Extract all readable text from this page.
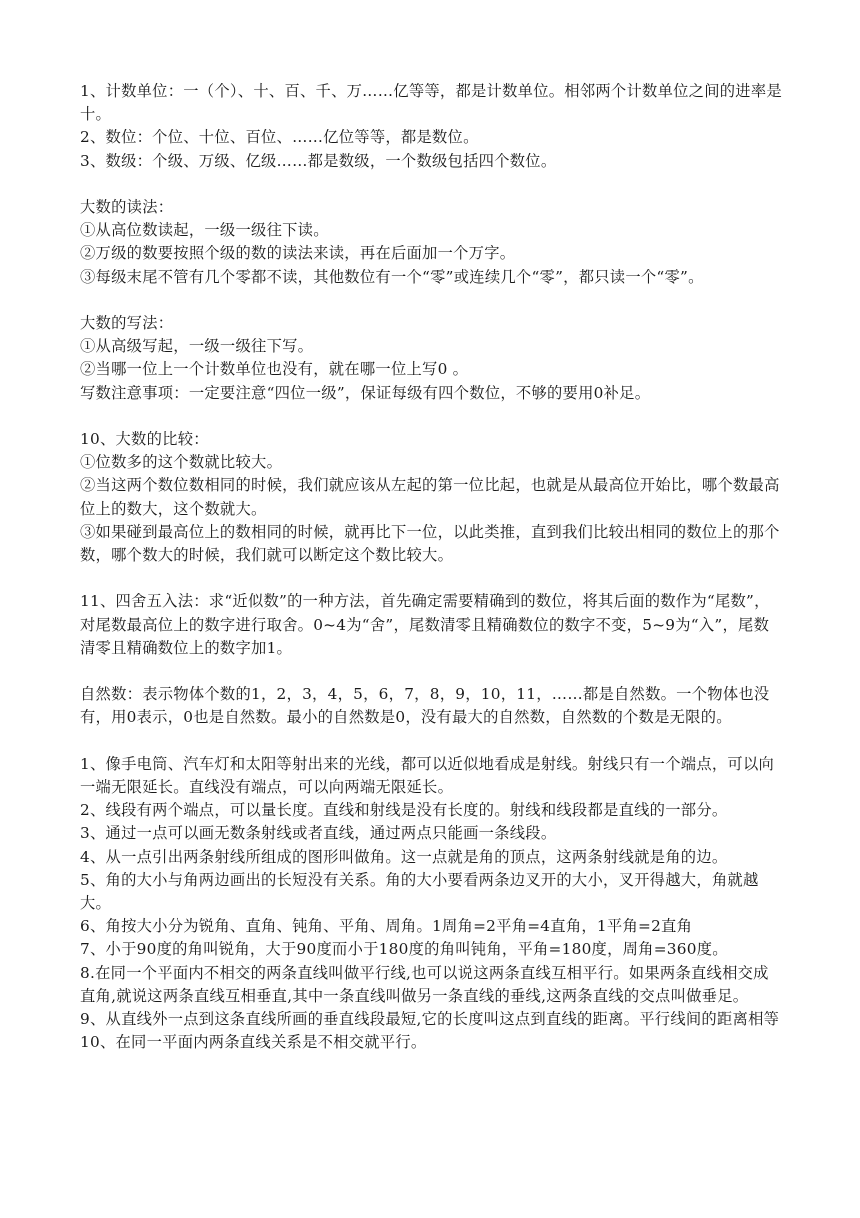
1、计数单位：一（个）、十、百、千、万……亿等等，都是计数单位。相邻两个计数单位之间的进率是十。

2、数位：个位、十位、百位、……亿位等等，都是数位。

3、数级：个级、万级、亿级……都是数级，一个数级包括四个数位。

大数的读法：

①从高位数读起，一级一级往下读。

②万级的数要按照个级的数的读法来读，再在后面加一个万字。

③每级末尾不管有几个零都不读，其他数位有一个“零”或连续几个“零”，都只读一个“零”。

大数的写法：

①从高级写起，一级一级往下写。

②当哪一位上一个计数单位也没有，就在哪一位上写0 。

写数注意事项：一定要注意“四位一级”，保证每级有四个数位，不够的要用0补足。

10、大数的比较：

①位数多的这个数就比较大。

②当这两个数位数相同的时候，我们就应该从左起的第一位比起，也就是从最高位开始比，哪个数最高位上的数大，这个数就大。

③如果碰到最高位上的数相同的时候，就再比下一位，以此类推，直到我们比较出相同的数位上的那个数，哪个数大的时候，我们就可以断定这个数比较大。

11、四舍五入法：求“近似数”的一种方法，首先确定需要精确到的数位，将其后面的数作为“尾数”，对尾数最高位上的数字进行取舍。0~4为“舍”，尾数清零且精确数位的数字不变，5~9为“入”，尾数清零且精确数位上的数字加1。

自然数：表示物体个数的1，2，3，4，5，6，7，8，9，10，11，……都是自然数。一个物体也没有，用0表示，0也是自然数。最小的自然数是0，没有最大的自然数，自然数的个数是无限的。

1、像手电筒、汽车灯和太阳等射出来的光线，都可以近似地看成是射线。射线只有一个端点，可以向一端无限延长。直线没有端点，可以向两端无限延长。

2、线段有两个端点，可以量长度。直线和射线是没有长度的。射线和线段都是直线的一部分。

3、通过一点可以画无数条射线或者直线，通过两点只能画一条线段。

4、从一点引出两条射线所组成的图形叫做角。这一点就是角的顶点，这两条射线就是角的边。

5、角的大小与角两边画出的长短没有关系。角的大小要看两条边叉开的大小，叉开得越大，角就越大。

6、角按大小分为锐角、直角、钝角、平角、周角。1周角=2平角=4直角，1平角=2直角

7、小于90度的角叫锐角，大于90度而小于180度的角叫钝角，平角=180度，周角=360度。

8.在同一个平面内不相交的两条直线叫做平行线,也可以说这两条直线互相平行。如果两条直线相交成直角,就说这两条直线互相垂直,其中一条直线叫做另一条直线的垂线,这两条直线的交点叫做垂足。

9、从直线外一点到这条直线所画的垂直线段最短,它的长度叫这点到直线的距离。平行线间的距离相等

10、在同一平面内两条直线关系是不相交就平行。
